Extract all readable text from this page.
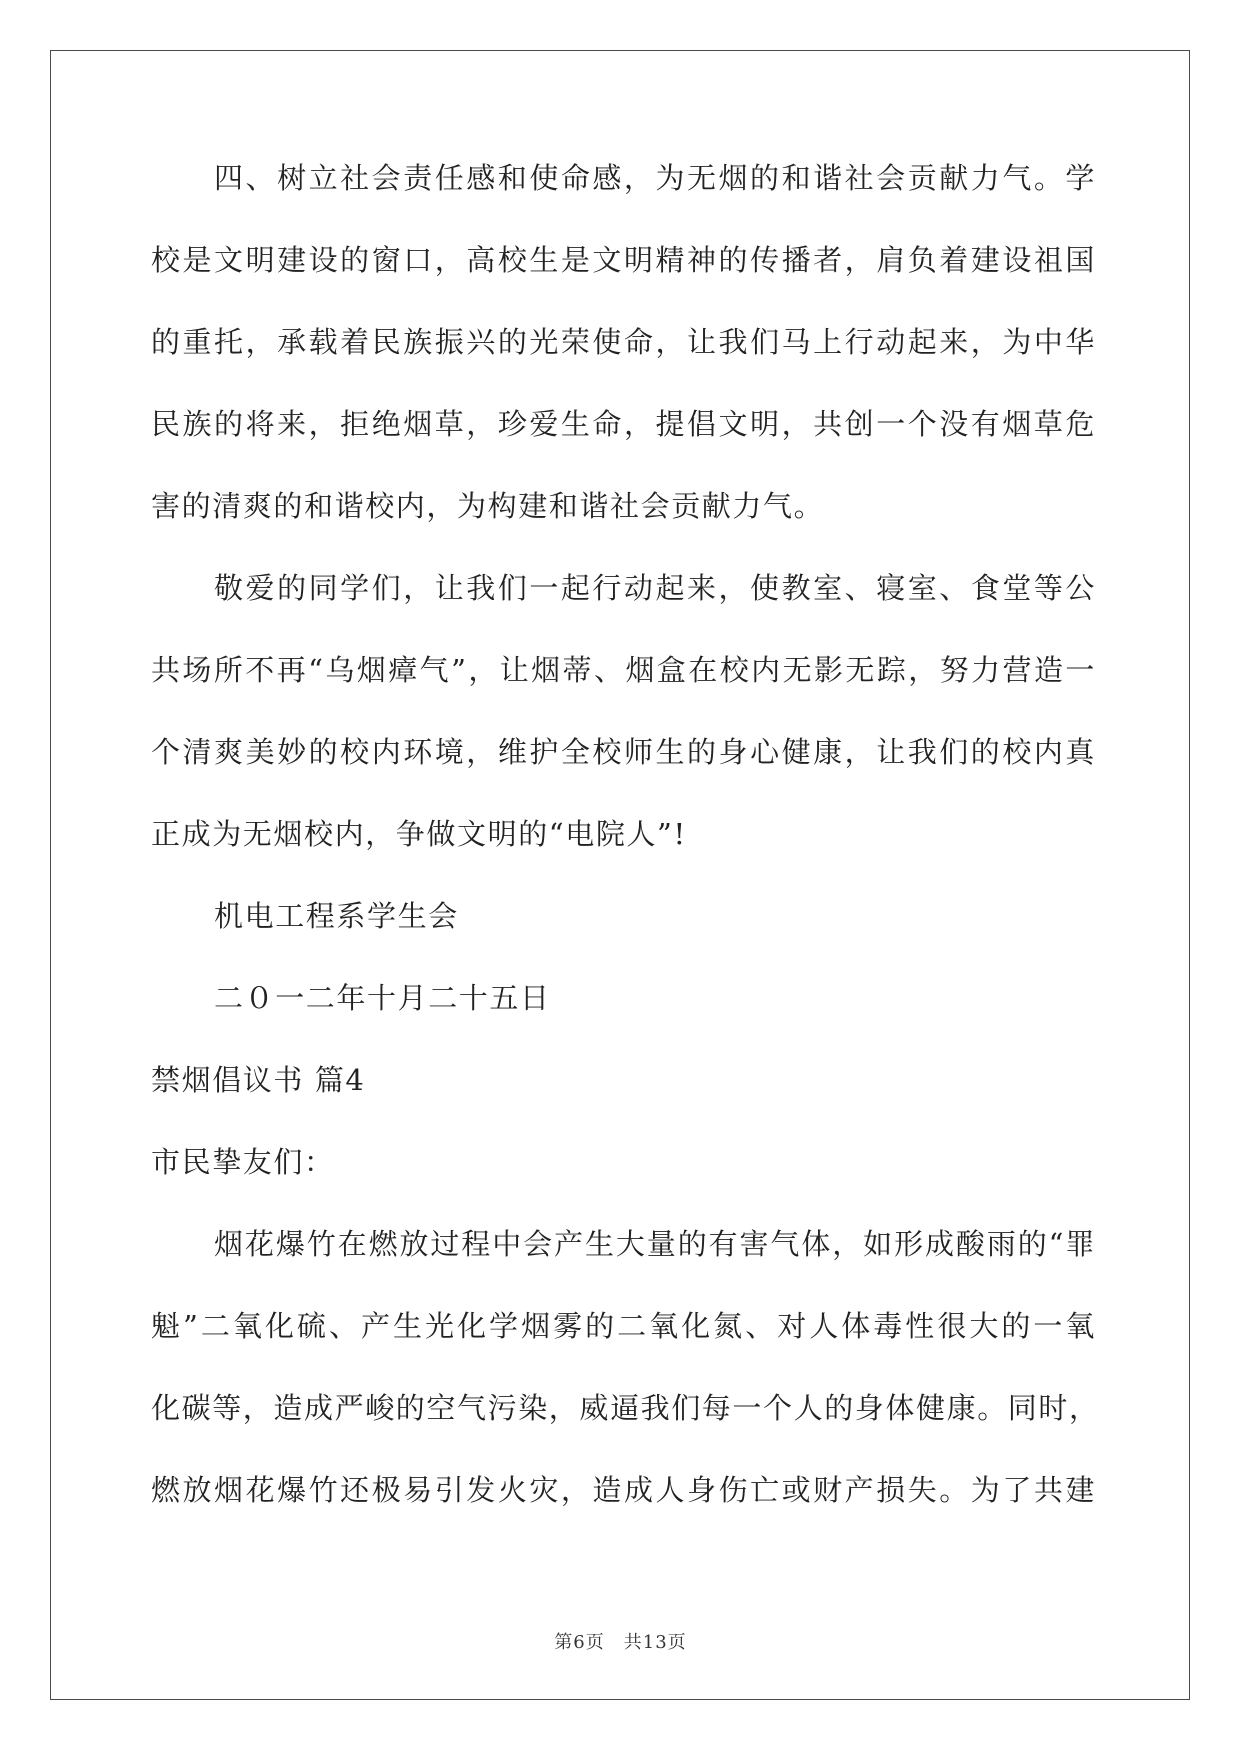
四、树立社会责任感和使命感，为无烟的和谐社会贡献力气。学

校是文明建设的窗口，高校生是文明精神的传播者，肩负着建设祖国

的重托，承载着民族振兴的光荣使命，让我们马上行动起来，为中华

民族的将来，拒绝烟草，珍爱生命，提倡文明，共创一个没有烟草危

害的清爽的和谐校内，为构建和谐社会贡献力气。

敬爱的同学们，让我们一起行动起来，使教室、寝室、食堂等公

共场所不再“乌烟瘴气”，让烟蒂、烟盒在校内无影无踪，努力营造一

个清爽美妙的校内环境，维护全校师生的身心健康，让我们的校内真

正成为无烟校内，争做文明的“电院人”!

机电工程系学生会

二０一二年十月二十五日

禁烟倡议书 篇4

市民挚友们：

烟花爆竹在燃放过程中会产生大量的有害气体，如形成酸雨的“罪

魁”二氧化硫、产生光化学烟雾的二氧化氮、对人体毒性很大的一氧

化碳等，造成严峻的空气污染，威逼我们每一个人的身体健康。同时，

燃放烟花爆竹还极易引发火灾，造成人身伤亡或财产损失。为了共建

第6页　共13页
